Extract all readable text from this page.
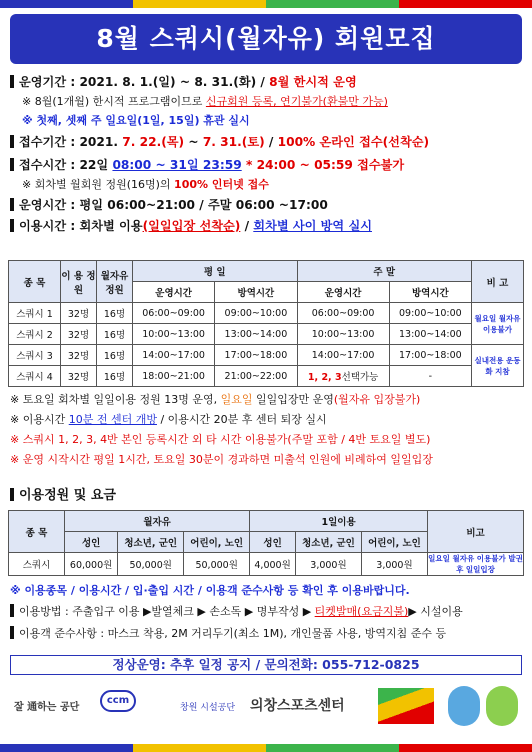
8월 스쿼시(월자유) 회원모집
운영기간 : 2021. 8. 1.(일) ~ 8. 31.(화) / 8월 한시적 운영
※ 8월(1개월) 한시적 프로그램이므로 신규회원 등록, 연기불가(환불만 가능)
※ 첫째, 셋째 주 일요일(1일, 15일) 휴관 실시
접수기간 : 2021. 7. 22.(목) ~ 7. 31.(토) / 100% 온라인 접수(선착순)
접수시간 : 22일 08:00 ~ 31일 23:59 * 24:00 ~ 05:59 접수불가
※ 회차별 월회원 정원(16명)의 100% 인터넷 접수
운영시간 : 평일 06:00~21:00 / 주말 06:00 ~17:00
이용시간 : 회차별 이용(일일입장 선착순) / 회차별 사이 방역 실시
종 목	이 용 정 원	월자유 정원	평 일		주 말		비 고
			운영시간	방역시간	운영시간	방역시간	
스쿼시 1	32명	16명	06:00~09:00	09:00~10:00	06:00~09:00	09:00~10:00	월요일 월자유 이용불가
스쿼시 2	32명	16명	10:00~13:00	13:00~14:00	10:00~13:00	13:00~14:00	
스쿼시 3	32명	16명	14:00~17:00	17:00~18:00	14:00~17:00	17:00~18:00	실내전용 운동화 지참
스쿼시 4	32명	16명	18:00~21:00	21:00~22:00	1, 2, 3선택가능	-	
※ 토요일 회차별 일일이용 정원 13명 운영, 일요일 일일입장만 운영(월자유 입장불가)
※ 이용시간 10분 전 센터 개방 / 이용시간 20분 후 센터 퇴장 실시
※ 스쿼시 1, 2, 3, 4반 본인 등록시간 외 타 시간 이용불가(주말 포함 / 4반 토요일 별도)
※ 운영 시작시간 평일 1시간, 토요일 30분이 경과하면 미출석 인원에 비례하여 일일입장
이용정원 및 요금
종 목	월자유			1일이용			비고
	성인	청소년, 군인	어린이, 노인	성인	청소년, 군인	어린이, 노인	
스쿼시	60,000원	50,000원	50,000원	4,000원	3,000원	3,000원	일요일 월자유 이용불가 발권 후 일일입장
※ 이용종목 / 이용시간 / 입·출입 시간 / 이용객 준수사항 등 확인 후 이용바랍니다.
이용방법 : 주출입구 이용 ▶발열체크 ▶ 손소독 ▶ 명부작성 ▶ 티켓발매(요금지불)▶ 시설이용
이용객 준수사항 : 마스크 착용, 2M 거리두기(최소 1M), 개인물품 사용, 방역지침 준수 등
정상운영: 추후 일정 공지 / 문의전화: 055-712-0825
잘 通하는 공단
ccm
창원 시설공단 의창스포츠센터
